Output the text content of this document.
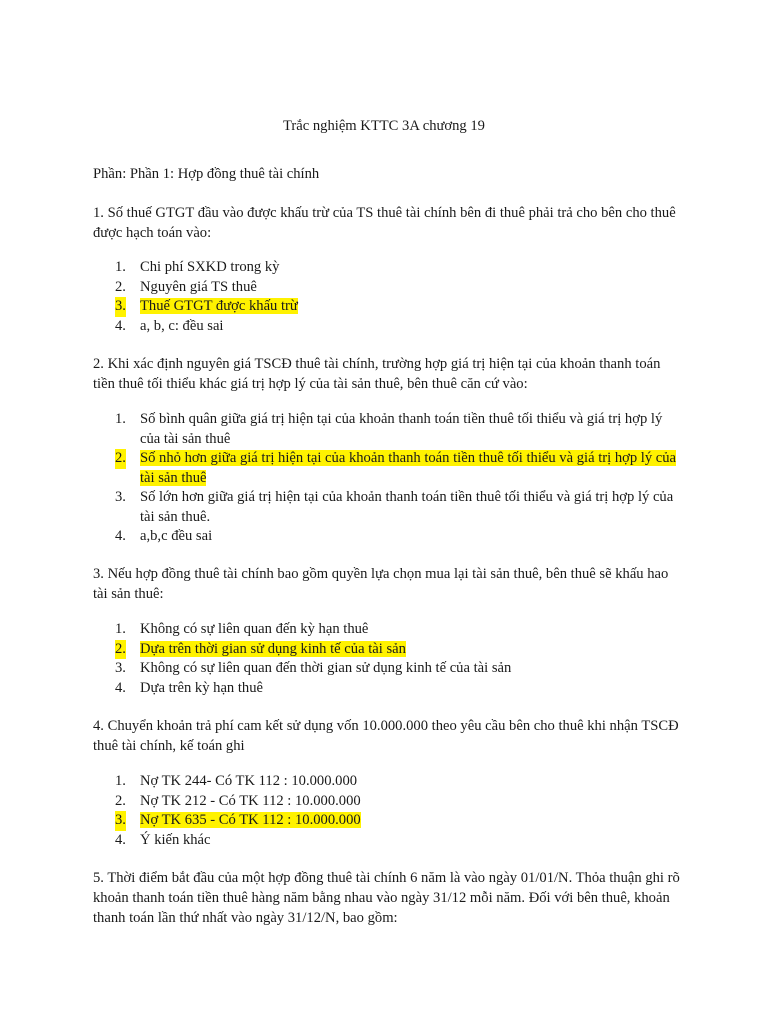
Trắc nghiệm KTTC 3A chương 19
Phần: Phần 1: Hợp đồng thuê tài chính
1. Số thuế GTGT đầu vào được khấu trừ của TS thuê tài chính bên đi thuê phải trả cho bên cho thuê được hạch toán vào:
1. Chi phí SXKD trong kỳ
2. Nguyên giá TS thuê
3. Thuế GTGT được khấu trừ
4. a, b, c: đều sai
2. Khi xác định nguyên giá TSCĐ thuê tài chính, trường hợp giá trị hiện tại của khoản thanh toán tiền thuê tối thiểu khác giá trị hợp lý của tài sản thuê, bên thuê căn cứ vào:
1. Số bình quân giữa giá trị hiện tại của khoản thanh toán tiền thuê tối thiểu và giá trị hợp lý của tài sản thuê
2. Số nhỏ hơn giữa giá trị hiện tại của khoản thanh toán tiền thuê tối thiểu và giá trị hợp lý của tài sản thuê
3. Số lớn hơn giữa giá trị hiện tại của khoản thanh toán tiền thuê tối thiểu và giá trị hợp lý của tài sản thuê.
4. a,b,c đều sai
3. Nếu hợp đồng thuê tài chính bao gồm quyền lựa chọn mua lại tài sản thuê, bên thuê sẽ khấu hao tài sản thuê:
1. Không có sự liên quan đến kỳ hạn thuê
2. Dựa trên thời gian sử dụng kinh tế của tài sản
3. Không có sự liên quan đến thời gian sử dụng kinh tế của tài sản
4. Dựa trên kỳ hạn thuê
4. Chuyển khoản trả phí cam kết sử dụng vốn 10.000.000 theo yêu cầu bên cho thuê khi nhận TSCĐ thuê tài chính, kế toán ghi
1. Nợ TK 244- Có TK 112 : 10.000.000
2. Nợ TK 212 - Có TK 112 : 10.000.000
3. Nợ TK 635 - Có TK 112 : 10.000.000
4. Ý kiến khác
5. Thời điểm bắt đầu của một hợp đồng thuê tài chính 6 năm là vào ngày 01/01/N. Thỏa thuận ghi rõ khoản thanh toán tiền thuê hàng năm bằng nhau vào ngày 31/12 mỗi năm. Đối với bên thuê, khoản thanh toán lần thứ nhất vào ngày 31/12/N, bao gồm:
